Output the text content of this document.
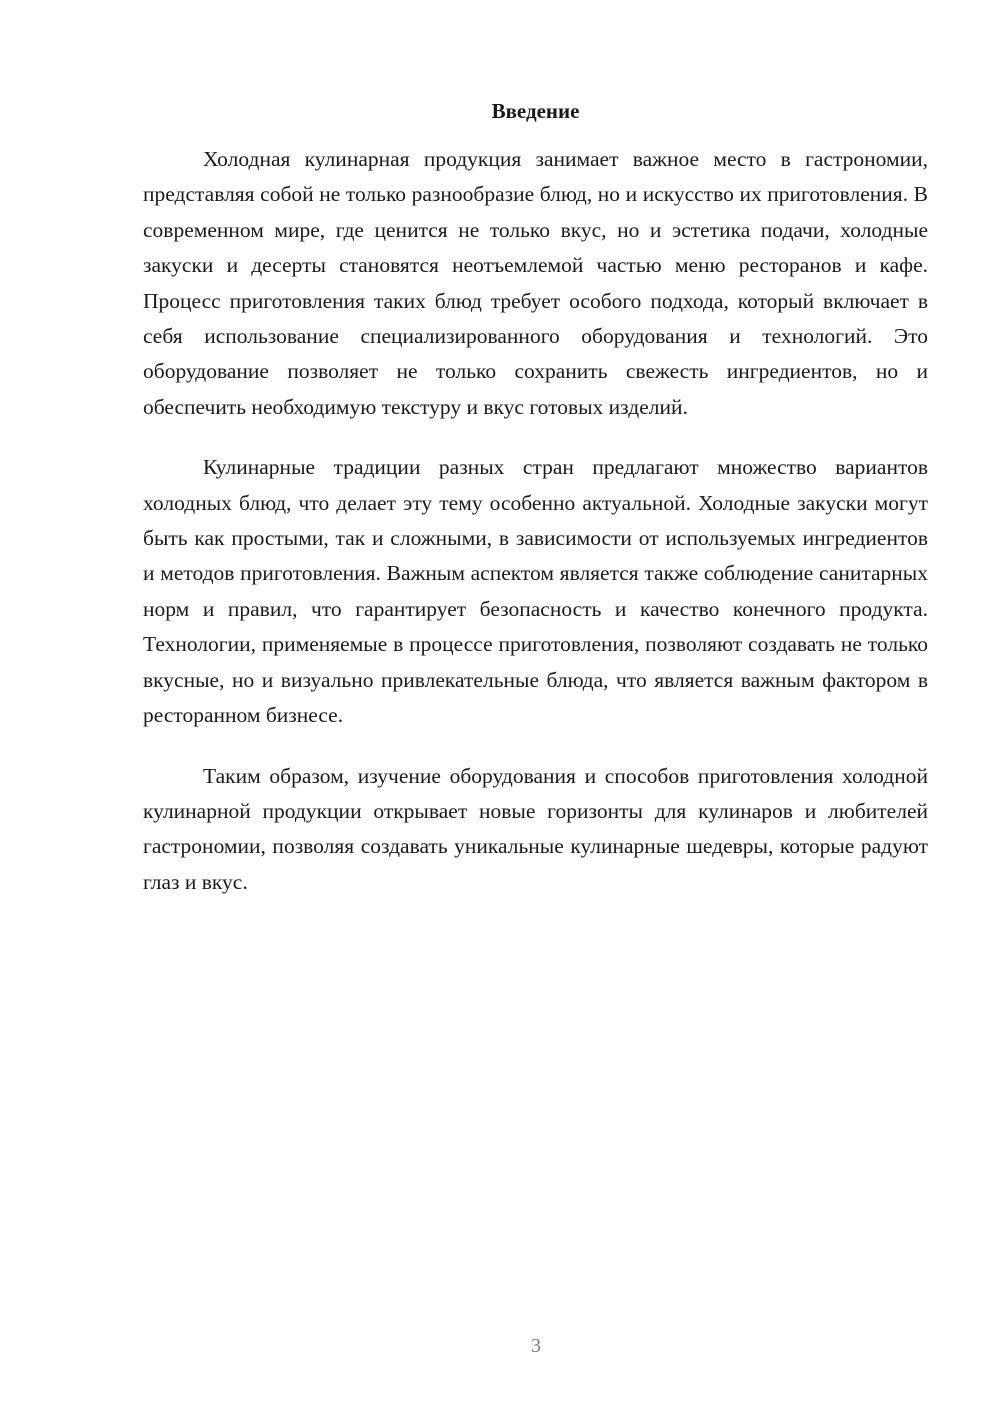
Введение

Холодная кулинарная продукция занимает важное место в гастрономии, представляя собой не только разнообразие блюд, но и искусство их приготовления. В современном мире, где ценится не только вкус, но и эстетика подачи, холодные закуски и десерты становятся неотъемлемой частью меню ресторанов и кафе. Процесс приготовления таких блюд требует особого подхода, который включает в себя использование специализированного оборудования и технологий. Это оборудование позволяет не только сохранить свежесть ингредиентов, но и обеспечить необходимую текстуру и вкус готовых изделий.

Кулинарные традиции разных стран предлагают множество вариантов холодных блюд, что делает эту тему особенно актуальной. Холодные закуски могут быть как простыми, так и сложными, в зависимости от используемых ингредиентов и методов приготовления. Важным аспектом является также соблюдение санитарных норм и правил, что гарантирует безопасность и качество конечного продукта. Технологии, применяемые в процессе приготовления, позволяют создавать не только вкусные, но и визуально привлекательные блюда, что является важным фактором в ресторанном бизнесе.

Таким образом, изучение оборудования и способов приготовления холодной кулинарной продукции открывает новые горизонты для кулинаров и любителей гастрономии, позволяя создавать уникальные кулинарные шедевры, которые радуют глаз и вкус.

3
